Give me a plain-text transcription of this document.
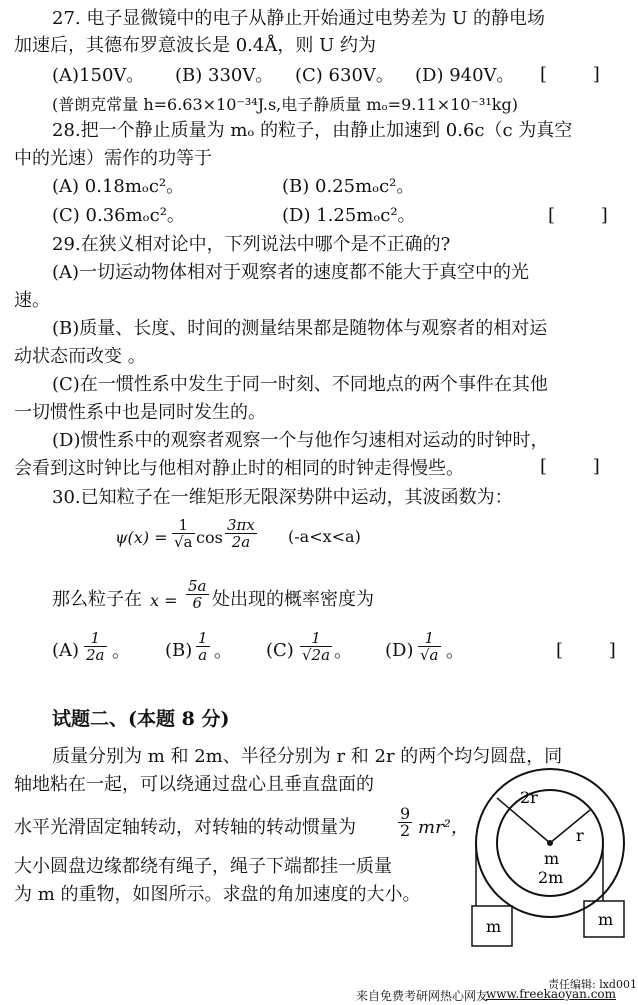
27. 电子显微镜中的电子从静止开始通过电势差为 U 的静电场
加速后，其德布罗意波长是 0.4Å，则 U 约为
(A)150V。 (B) 330V。 (C) 630V。 (D) 940V。 [        ]
(普朗克常量 h=6.63×10⁻³⁴J.s,电子静质量 mₒ=9.11×10⁻³¹kg)
28.把一个静止质量为 mₒ 的粒子，由静止加速到 0.6c（c 为真空
中的光速）需作的功等于
(A) 0.18mₒc²。	(B) 0.25mₒc²。
(C) 0.36mₒc²。	(D) 1.25mₒc²。	[        ]
29.在狭义相对论中，下列说法中哪个是不正确的?
(A)一切运动物体相对于观察者的速度都不能大于真空中的光
速。
(B)质量、长度、时间的测量结果都是随物体与观察者的相对运
动状态而改变 。
(C)在一惯性系中发生于同一时刻、不同地点的两个事件在其他
一切惯性系中也是同时发生的。
(D)惯性系中的观察者观察一个与他作匀速相对运动的时钟时，
会看到这时钟比与他相对静止时的相同的时钟走得慢些。	[        ]
30.已知粒子在一维矩形无限深势阱中运动，其波函数为：
$\psi(x) = \frac{1}{√a}$ $\cos \frac{3\pi x}{2a} (-a<x<a)$
那么粒子在 $x = \frac{5a}{6}$ 处出现的概率密度为
$(A) \frac{1}{2a}$ 。 $(B) \frac{1}{a}$ 。 $(C) \frac{1}{√2a}$ 。 $(D) \frac{1}{√a}$ 。	[        ]
试题二、(本题 8 分)
质量分别为 m 和 2m、半径分别为 r 和 2r 的两个均匀圆盘，同
轴地粘在一起，可以绕通过盘心且垂直盘面的
水平光滑固定轴转动，对转轴的转动惯量为	$\frac{9}{2} mr^2$，
大小圆盘边缘都绕有绳子，绳子下端都挂一质量
为 m 的重物，如图所示。求盘的角加速度的大小。
2r
r
m
2m
m	m
来自免费考研网热心网友
www.freekaoyan.com
责任编辑: lxd001
